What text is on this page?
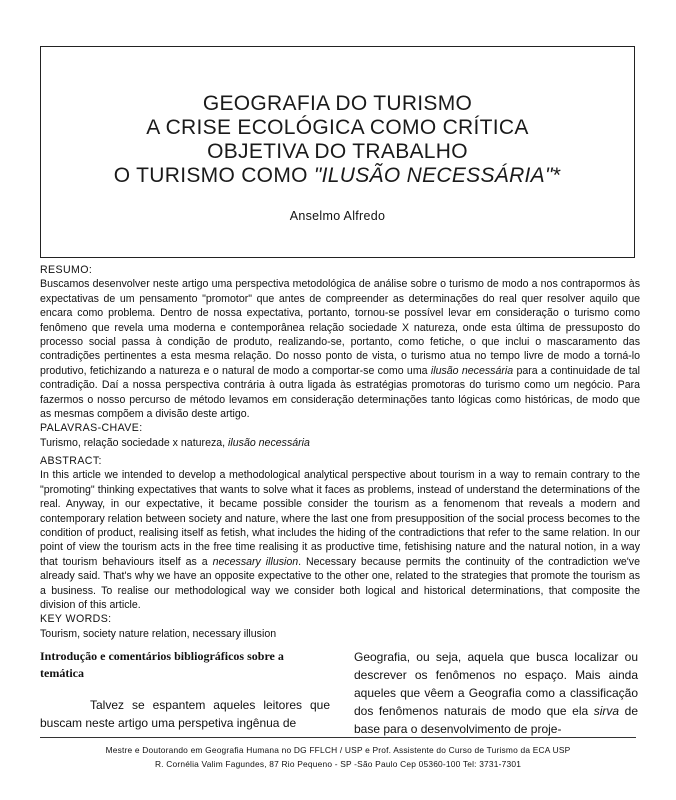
GEOGRAFIA DO TURISMO
A CRISE ECOLÓGICA COMO CRÍTICA
OBJETIVA DO TRABALHO
O TURISMO COMO "ILUSÃO NECESSÁRIA"*
Anselmo Alfredo
RESUMO:

Buscamos desenvolver neste artigo uma perspectiva metodológica de análise sobre o turismo de modo a nos contrapormos às expectativas de um pensamento "promotor" que antes de compreender as determinações do real quer resolver aquilo que encara como problema. Dentro de nossa expectativa, portanto, tornou-se possível levar em consideração o turismo como fenômeno que revela uma moderna e contemporânea relação sociedade X natureza, onde esta última de pressuposto do processo social passa à condição de produto, realizando-se, portanto, como fetiche, o que inclui o mascaramento das contradições pertinentes a esta mesma relação. Do nosso ponto de vista, o turismo atua no tempo livre de modo a torná-lo produtivo, fetichizando a natureza e o natural de modo a comportar-se como uma ilusão necessária para a continuidade de tal contradição. Daí a nossa perspectiva contrária à outra ligada às estratégias promotoras do turismo como um negócio. Para fazermos o nosso percurso de método levamos em consideração determinações tanto lógicas como históricas, de modo que as mesmas compõem a divisão deste artigo.

PALAVRAS-CHAVE:
Turismo, relação sociedade x natureza, ilusão necessária
ABSTRACT:

In this article we intended to develop a methodological analytical perspective about tourism in a way to remain contrary to the "promoting" thinking expectatives that wants to solve what it faces as problems, instead of understand the determinations of the real. Anyway, in our expectative, it became possible consider the tourism as a fenomenom that reveals a modern and contemporary relation between society and nature, where the last one from presupposition of the social process becomes to the condition of product, realising itself as fetish, what includes the hiding of the contradictions that refer to the same relation. In our point of view the tourism acts in the free time realising it as productive time, fetishising nature and the natural notion, in a way that tourism behaviours itself as a necessary illusion. Necessary because permits the continuity of the contradiction we've already said. That's why we have an opposite expectative to the other one, related to the strategies that promote the tourism as a business. To realise our methodological way we consider both logical and historical determinations, that composite the division of this article.

KEY WORDS:
Tourism, society nature relation, necessary illusion
Introdução e comentários bibliográficos sobre a temática

Talvez se espantem aqueles leitores que buscam neste artigo uma perspetiva ingênua de

Geografia, ou seja, aquela que busca localizar ou descrever os fenômenos no espaço. Mais ainda aqueles que vêem a Geografia como a classificação dos fenômenos naturais de modo que ela sirva de base para o desenvolvimento de proje-

Mestre e Doutorando em Geografia Humana no DG FFLCH / USP e Prof. Assistente do Curso de Turismo da ECA USP
R. Cornélia Valim Fagundes, 87 Rio Pequeno - SP -São Paulo Cep 05360-100 Tel: 3731-7301
